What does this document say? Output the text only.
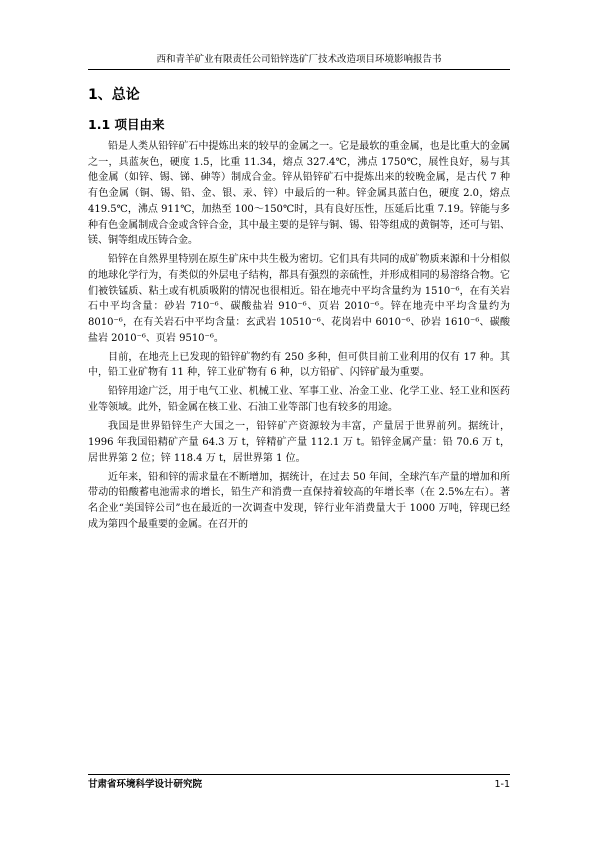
西和青羊矿业有限责任公司铅锌选矿厂技术改造项目环境影响报告书
1、总论
1.1 项目由来

铅是人类从铅锌矿石中提炼出来的较早的金属之一。它是最软的重金属，也是比重大的金属之一，具蓝灰色，硬度 1.5，比重 11.34，熔点 327.4℃，沸点 1750℃，展性良好，易与其他金属（如锌、锡、锑、砷等）制成合金。锌从铅锌矿石中提炼出来的较晚金属，是古代 7 种有色金属（铜、锡、铅、金、银、汞、锌）中最后的一种。锌金属具蓝白色，硬度 2.0，熔点 419.5℃，沸点 911℃，加热至 100～150℃时，具有良好压性，压延后比重 7.19。锌能与多种有色金属制成合金或含锌合金，其中最主要的是锌与铜、锡、铅等组成的黄铜等，还可与铝、镁、铜等组成压铸合金。

铅锌在自然界里特别在原生矿床中共生极为密切。它们具有共同的成矿物质来源和十分相似的地球化学行为，有类似的外层电子结构，都具有强烈的亲硫性，并形成相同的易溶络合物。它们被铁锰质、粘土或有机质吸附的情况也很相近。铅在地壳中平均含量约为 1510⁻⁶，在有关岩石中平均含量：砂岩 710⁻⁶、碳酸盐岩 910⁻⁶、页岩 2010⁻⁶。锌在地壳中平均含量约为 8010⁻⁶，在有关岩石中平均含量：玄武岩 10510⁻⁶、花岗岩中 6010⁻⁶、砂岩 1610⁻⁶、碳酸盐岩 2010⁻⁶、页岩 9510⁻⁶。

目前，在地壳上已发现的铅锌矿物约有 250 多种，但可供目前工业利用的仅有 17 种。其中，铅工业矿物有 11 种，锌工业矿物有 6 种，以方铅矿、闪锌矿最为重要。

铅锌用途广泛，用于电气工业、机械工业、军事工业、冶金工业、化学工业、轻工业和医药业等领域。此外，铅金属在核工业、石油工业等部门也有较多的用途。

我国是世界铅锌生产大国之一，铅锌矿产资源较为丰富，产量居于世界前列。据统计，1996 年我国铅精矿产量 64.3 万 t，锌精矿产量 112.1 万 t。铅锌金属产量：铅 70.6 万 t，居世界第 2 位；锌 118.4 万 t，居世界第 1 位。

近年来，铅和锌的需求量在不断增加，据统计，在过去 50 年间，全球汽车产量的增加和所带动的铅酸蓄电池需求的增长，铅生产和消费一直保持着较高的年增长率（在 2.5%左右）。著名企业“美国锌公司”也在最近的一次调查中发现，锌行业年消费量大于 1000 万吨，锌现已经成为第四个最重要的金属。在召开的

甘肃省环境科学设计研究院	1-1
